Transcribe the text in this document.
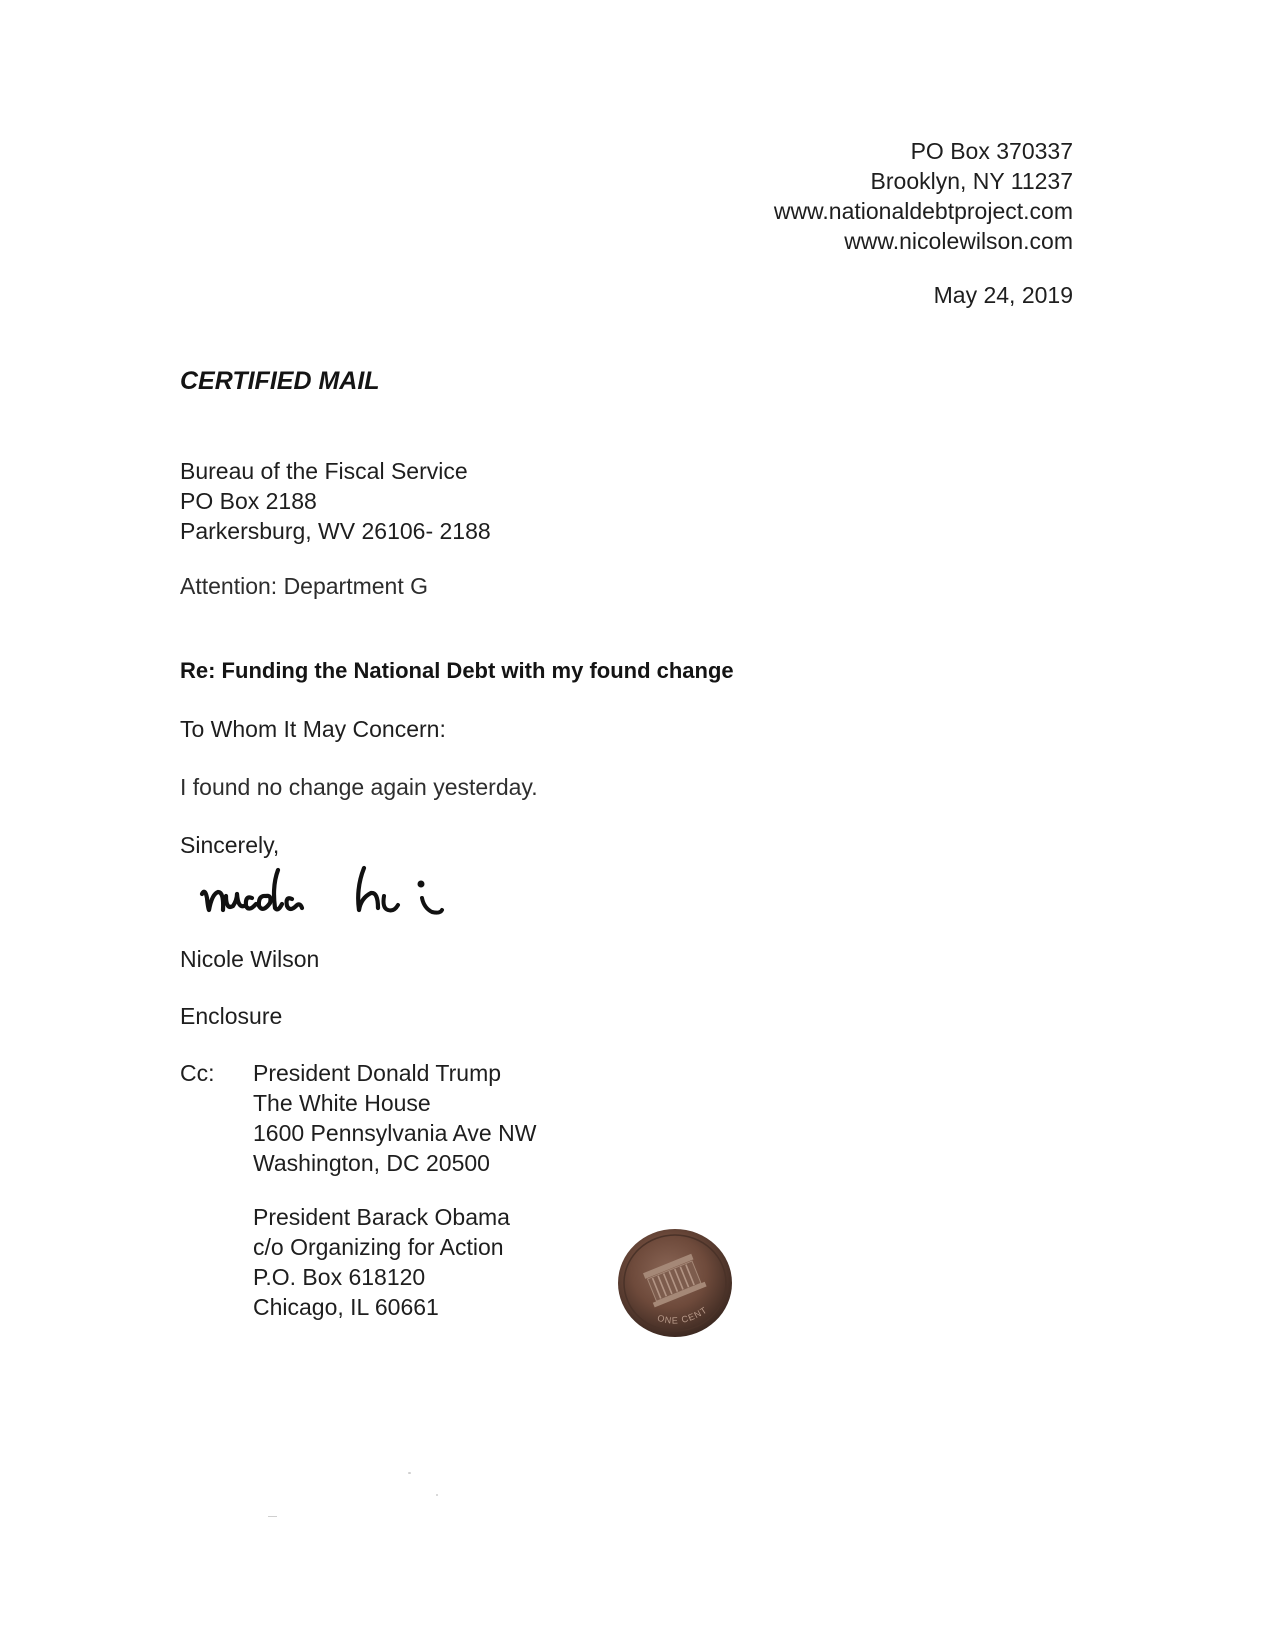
PO Box 370337
Brooklyn, NY 11237
www.nationaldebtproject.com
www.nicolewilson.com
May 24, 2019
CERTIFIED MAIL
Bureau of the Fiscal Service
PO Box 2188
Parkersburg, WV 26106- 2188
Attention: Department G
Re: Funding the National Debt with my found change
To Whom It May Concern:
I found no change again yesterday.
Sincerely,
Nicole Wilson
Enclosure
Cc: President Donald Trump
The White House
1600 Pennsylvania Ave NW
Washington, DC 20500
President Barack Obama
c/o Organizing for Action
P.O. Box 618120
Chicago, IL 60661	ONE CENT
